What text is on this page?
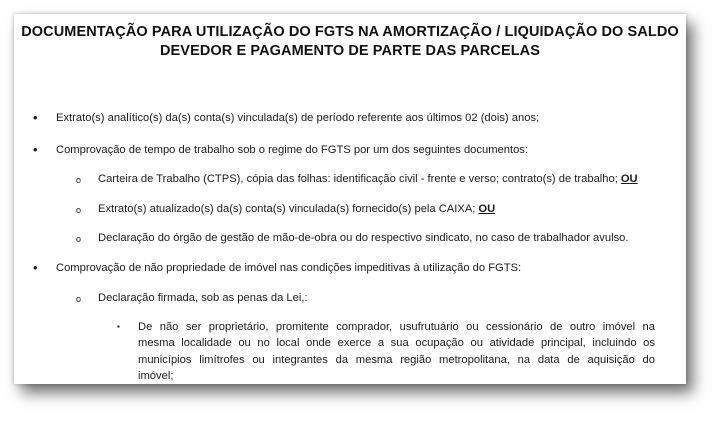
DOCUMENTAÇÃO PARA UTILIZAÇÃO DO FGTS NA AMORTIZAÇÃO / LIQUIDAÇÃO DO SALDO
DEVEDOR E PAGAMENTO DE PARTE DAS PARCELAS
• Extrato(s) analítico(s) da(s) conta(s) vinculada(s) de período referente aos últimos 02 (dois) anos;
• Comprovação de tempo de trabalho sob o regime do FGTS por um dos seguintes documentos:
o Carteira de Trabalho (CTPS), cópia das folhas: identificação civil - frente e verso; contrato(s) de trabalho; OU
o Extrato(s) atualizado(s) da(s) conta(s) vinculada(s) fornecido(s) pela CAIXA; OU
o Declaração do órgão de gestão de mão-de-obra ou do respectivo sindicato, no caso de trabalhador avulso.
• Comprovação de não propriedade de imóvel nas condições impeditivas à utilização do FGTS:
o Declaração firmada, sob as penas da Lei,:
▪ De não ser proprietário, promitente comprador, usufrutuário ou cessionário de outro imóvel na
mesma localidade ou no local onde exerce a sua ocupação ou atividade principal, incluindo os
municípios limítrofes ou integrantes da mesma região metropolitana, na data de aquisição do
imóvel;
